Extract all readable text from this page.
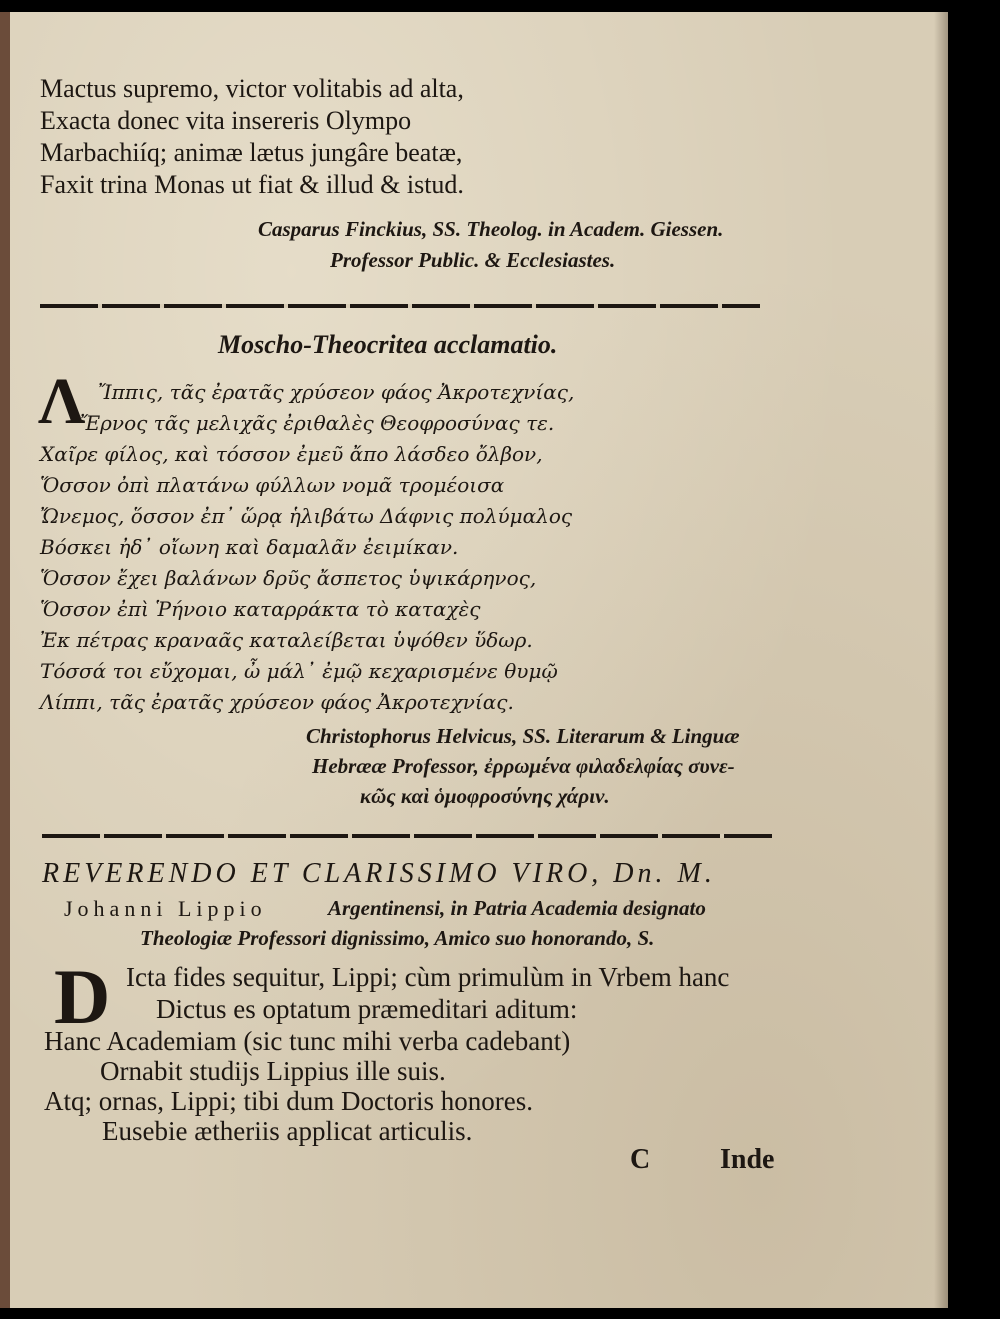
Mactus supremo, victor volitabis ad alta,
Exacta donec vita insereris Olympo
Marbachiíq; animæ lætus jungâre beatæ,
Faxit trina Monas ut fiat & illud & istud.
Casparus Finckius, SS. Theolog. in Academ. Giessen.
Professor Public. & Ecclesiastes.
Moscho-Theocritea acclamatio.
Λ Ἴππις, τᾶς ἐρατᾶς χρύσεον φάος Ἀκροτεχνίας,
Ἔρνος τᾶς μελιχᾶς ἐριθαλὲς Θεοφροσύνας τε.
Χαῖρε φίλος, καὶ τόσσον ἐμεῦ ἄπο λάσδεο ὄλβον,
Ὅσσον ὀπὶ πλατάνω φύλλων νομᾶ τρομέοισα
Ὤνεμος, ὅσσον ἐπ᾽ ὥρᾳ ἡλιβάτω Δάφνις πολύμαλος
Βόσκει ἠδ᾽ οἴωνη καὶ δαμαλᾶν ἐειμίκαν.
Ὅσσον ἔχει βαλάνων δρῦς ἄσπετος ὑψικάρηνος,
Ὅσσον ἐπὶ Ῥήνοιο καταρράκτα τὸ καταχὲς
Ἐκ πέτρας κραναᾶς καταλείβεται ὑψόθεν ὕδωρ.
Τόσσά τοι εὔχομαι, ὦ μάλ᾽ ἐμῷ κεχαρισμένε θυμῷ
Λίππι, τᾶς ἐρατᾶς χρύσεον φάος Ἀκροτεχνίας.
Christophorus Helvicus, SS. Literarum & Linguæ
Hebrææ Professor, ἐρρωμένα φιλαδελφίας συνε-
κῶς καὶ ὁμοφροσύνης χάριν.
REVERENDO ET CLARISSIMO VIRO, Dn. M.
Johanni Lippio	Argentinensi, in Patria Academia designato
Theologiæ Professori dignissimo, Amico suo honorando, S.
D Icta fides sequitur, Lippi; cùm primulùm in Vrbem hanc
Dictus es optatum præmeditari aditum:
Hanc Academiam (sic tunc mihi verba cadebant)
Ornabit studijs Lippius ille suis.
Atq; ornas, Lippi; tibi dum Doctoris honores.
Eusebie ætheriis applicat articulis.
C Inde
